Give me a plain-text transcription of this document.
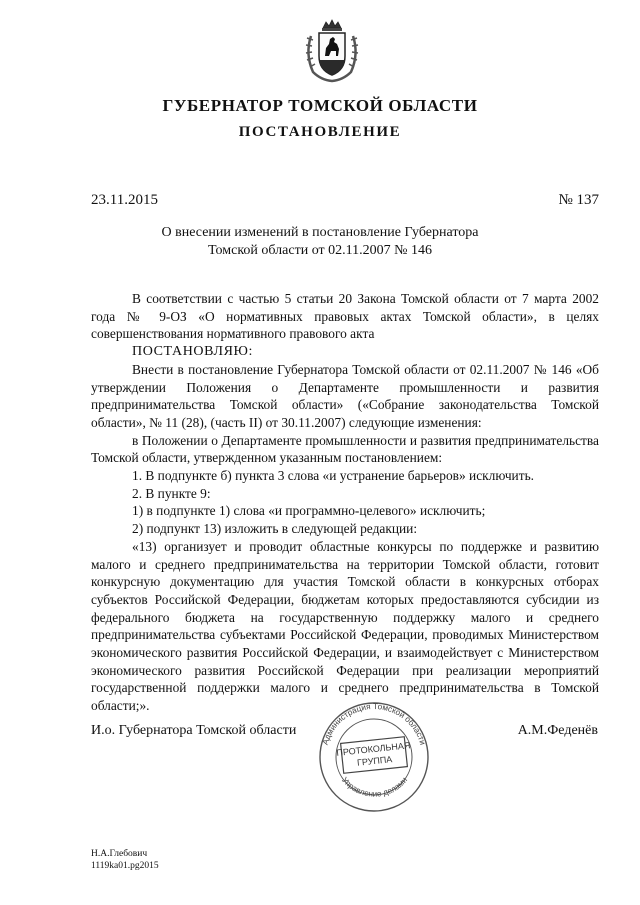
ГУБЕРНАТОР ТОМСКОЙ ОБЛАСТИ
ПОСТАНОВЛЕНИЕ
23.11.2015	№ 137
О внесении изменений в постановление Губернатора
Томской области от 02.11.2007 № 146

В соответствии с частью 5 статьи 20 Закона Томской области от 7 марта 2002 года № 9-ОЗ «О нормативных правовых актах Томской области», в целях совершенствования нормативного правового акта

ПОСТАНОВЛЯЮ:

Внести в постановление Губернатора Томской области от 02.11.2007 № 146 «Об утверждении Положения о Департаменте промышленности и развития предпринимательства Томской области» («Собрание законодательства Томской области», № 11 (28), (часть II) от 30.11.2007) следующие изменения:

в Положении о Департаменте промышленности и развития предпринимательства Томской области, утвержденном указанным постановлением:

1. В подпункте б) пункта 3 слова «и устранение барьеров» исключить.

2. В пункте 9:

1) в подпункте 1) слова «и программно-целевого» исключить;

2) подпункт 13) изложить в следующей редакции:

«13) организует и проводит областные конкурсы по поддержке и развитию малого и среднего предпринимательства на территории Томской области, готовит конкурсную документацию для участия Томской области в конкурсных отборах субъектов Российской Федерации, бюджетам которых предоставляются субсидии из федерального бюджета на государственную поддержку малого и среднего предпринимательства субъектами Российской Федерации, проводимых Министерством экономического развития Российской Федерации, и взаимодействует с Министерством экономического развития Российской Федерации при реализации мероприятий государственной поддержки малого и среднего предпринимательства в Томской области;».

Администрация Томской области
Управление делами
ПРОТОКОЛЬНАЯ
ГРУППА
И.о. Губернатора Томской области	А.М.Феденёв
Н.А.Глебович
1119ka01.pg2015
